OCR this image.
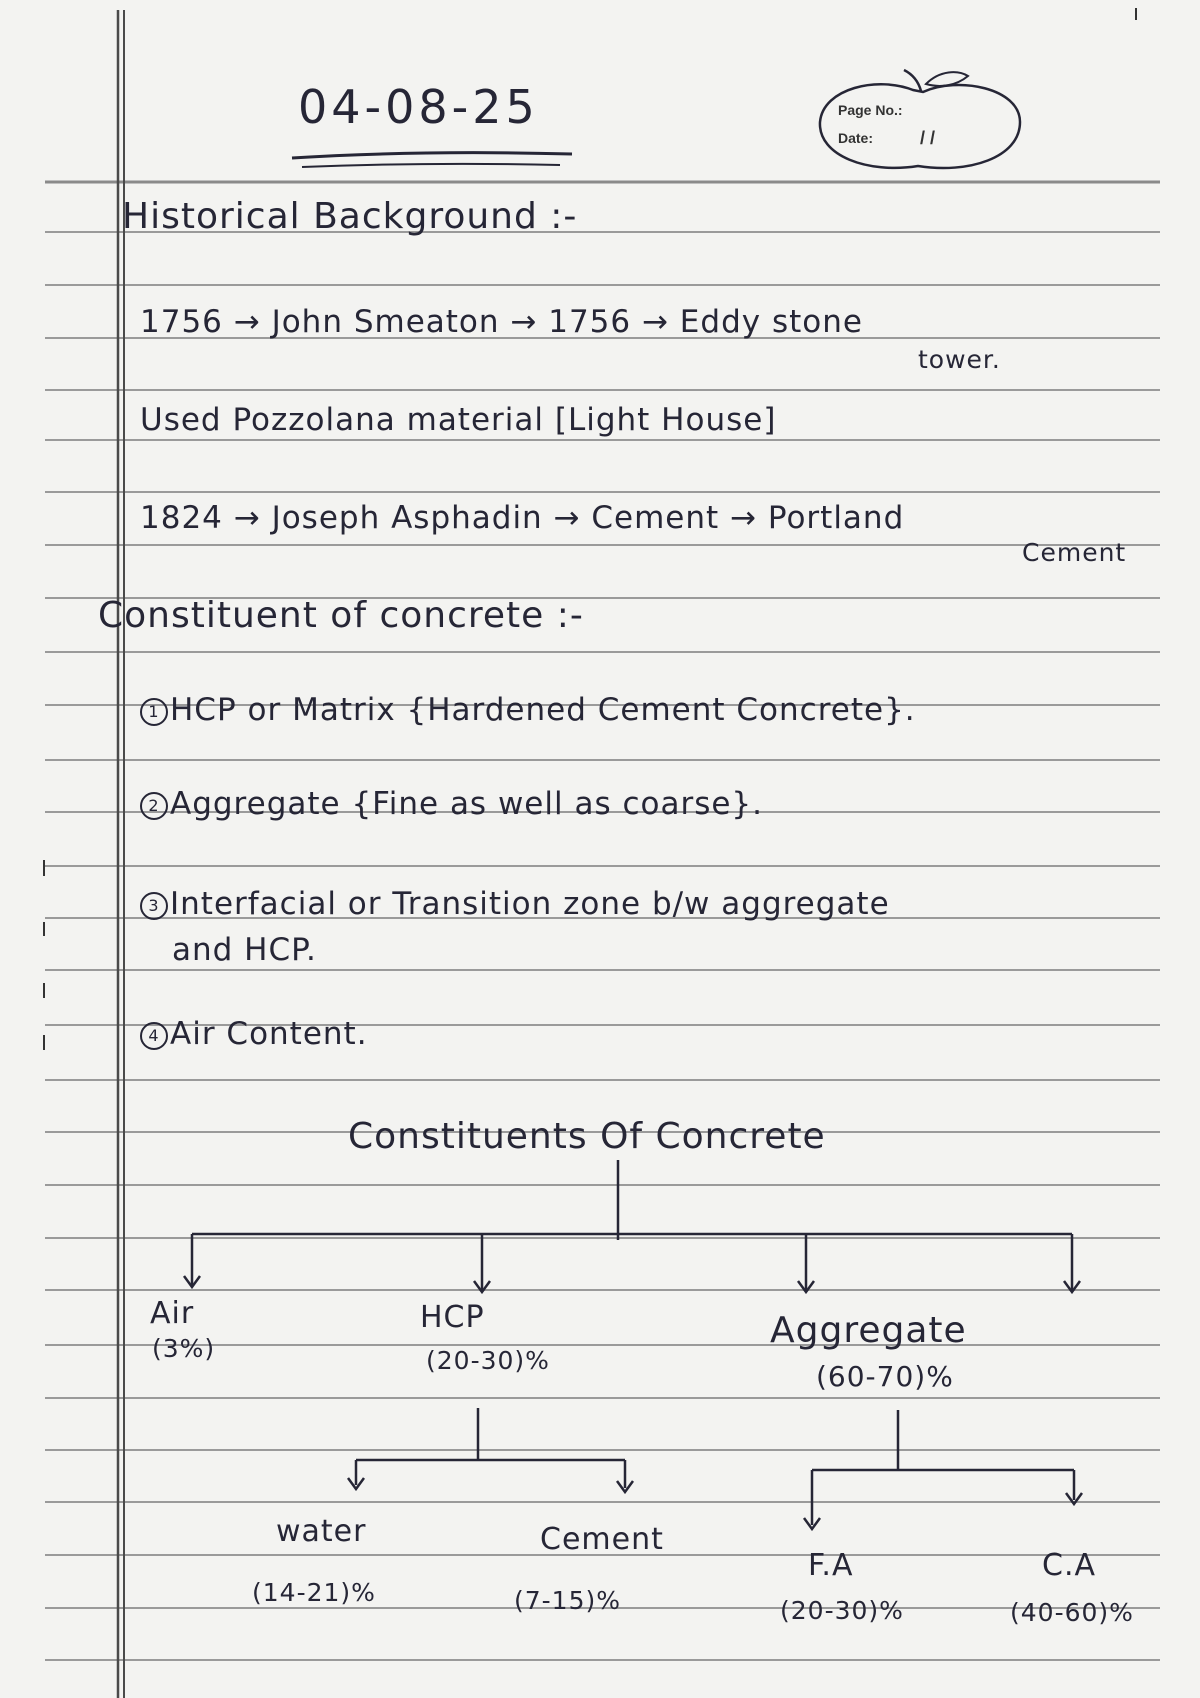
04-08-25	Page No.:
Date:	/ /
Historical Background :-
1756 → John Smeaton → 1756 → Eddy stone
tower.
Used Pozzolana material [Light House]
1824 → Joseph Asphadin → Cement → Portland
Cement
Constituent of concrete :-
1 HCP or Matrix {Hardened Cement Concrete}.
2 Aggregate {Fine as well as coarse}.
3 Interfacial or Transition zone b/w aggregate
and HCP.
4 Air Content.
Constituents Of Concrete
Air
(3%)
HCP
(20-30)%
Aggregate
(60-70)%
water
(14-21)%
Cement
(7-15)%
F.A
(20-30)%
C.A
(40-60)%
